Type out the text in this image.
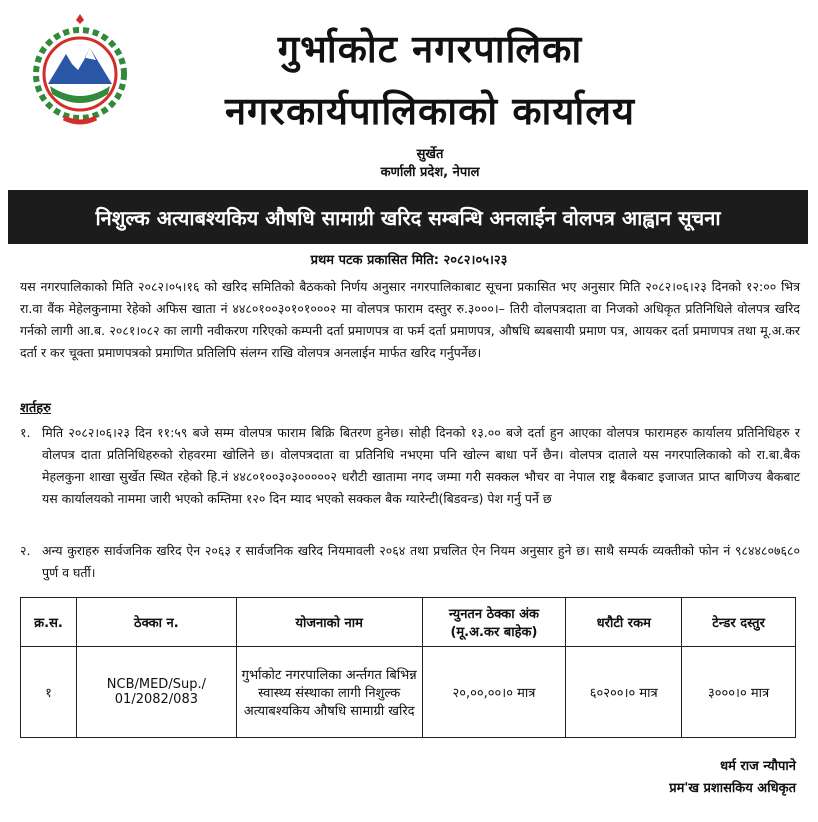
गुर्भाकोट नगरपालिका
नगरकार्यपालिकाको कार्यालय
सुर्खेत
कर्णाली प्रदेश, नेपाल
निशुल्क अत्याबश्यकिय औषधि सामाग्री खरिद सम्बन्धि अनलाईन वोलपत्र आह्वान सूचना
प्रथम पटक प्रकासित मिति: २०८२।०५।२३
यस नगरपालिकाको मिति २०८२।०५।१६ को खरिद समितिको बैठकको निर्णय अनुसार नगरपालिकाबाट सूचना प्रकासित भए अनुसार मिति २०८२।०६।२३ दिनको १२:०० भित्र रा.वा वैंक मेहेलकुनामा रेहेको अफिस खाता नं ४४८०१००३०१०१०००२ मा वोलपत्र फाराम दस्तुर रु.३०००।– तिरी वोलपत्रदाता वा निजको अधिकृत प्रतिनिधिले वोलपत्र खरिद गर्नको लागी आ.ब. २०८१।०८२ का लागी नवीकरण गरिएको कम्पनी दर्ता प्रमाणपत्र वा फर्म दर्ता प्रमाणपत्र, औषधि ब्यबसायी प्रमाण पत्र, आयकर दर्ता प्रमाणपत्र तथा मू.अ.कर दर्ता र कर चूक्ता प्रमाणपत्रको प्रमाणित प्रतिलिपि संलग्न राखि वोलपत्र अनलाईन मार्फत खरिद गर्नुपर्नेछ।

शर्तहरु
१. मिति २०८२।०६।२३ दिन ११:५९ बजे सम्म वोलपत्र फाराम बिक्रि बितरण हुनेछ। सोही दिनको १३.०० बजे दर्ता हुन आएका वोलपत्र फारामहरु कार्यालय प्रतिनिधिहरु र वोलपत्र दाता प्रतिनिधिहरुको रोहवरमा खोलिने छ। वोलपत्रदाता वा प्रतिनिधि नभएमा पनि खोल्न बाधा पर्ने छैन। वोलपत्र दाताले यस नगरपालिकाको को रा.बा.बैक मेहलकुना शाखा सुर्खेत स्थित रहेको हि.नं ४४८०१००३०३०००००२ धरौटी खातामा नगद जम्मा गरी सक्कल भौचर वा नेपाल राष्ट्र बैकबाट इजाजत प्राप्त बाणिज्य बैकबाट यस कार्यालयको नाममा जारी भएको कम्तिमा १२० दिन म्याद भएको सक्कल बैक ग्यारेन्टी(बिडवन्ड) पेश गर्नु पर्ने छ
२. अन्य कुराहरु सार्वजनिक खरिद ऐन २०६३ र सार्वजनिक खरिद नियमावली २०६४ तथा प्रचलित ऐन नियम अनुसार हुने छ। साथै सम्पर्क व्यक्तीको फोन नं ९८४४८०७६८० पुर्ण व घर्ती।
क्र.स.	ठेक्का न.	योजनाको नाम	न्युनतन ठेक्का अंक (मू.अ.कर बाहेक)	धरौटी रकम	टेन्डर दस्तुर
१	NCB/MED/Sup./ 01/2082/083	गुर्भाकोट नगरपालिका अर्न्तगत बिभिन्न स्वास्थ्य संस्थाका लागी निशुल्क अत्याबश्यकिय औषधि सामाग्री खरिद	२०,००,००।० मात्र	६०२००।० मात्र	३०००।० मात्र
धर्म राज न्यौपाने
प्रम'ख प्रशासकिय अधिकृत
